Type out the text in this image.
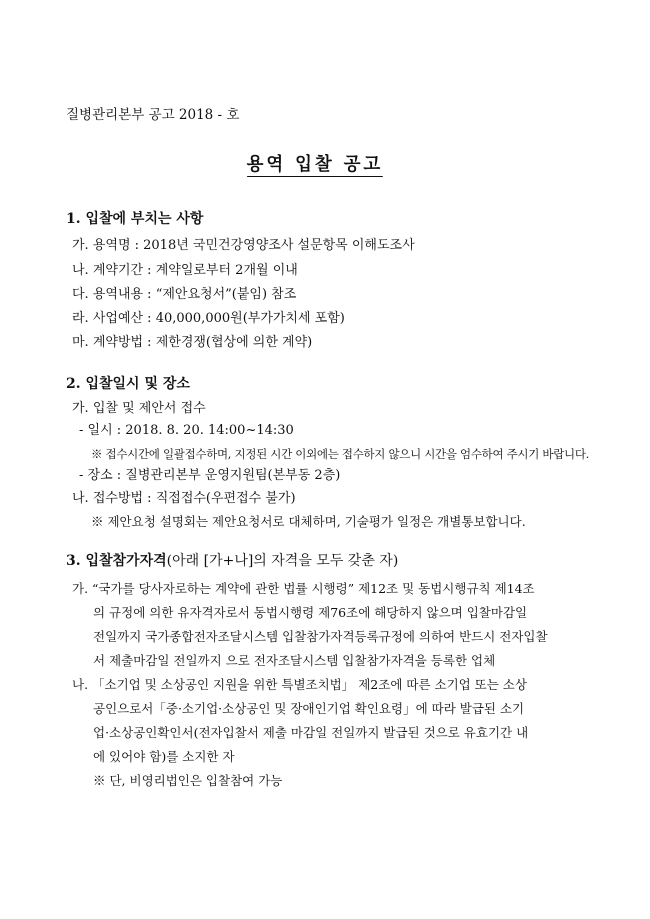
질병관리본부 공고 2018 - 호
용역 입찰 공고
1. 입찰에 부치는 사항
가. 용역명 : 2018년 국민건강영양조사 설문항목 이해도조사
나. 계약기간 : 계약일로부터 2개월 이내
다. 용역내용 : “제안요청서”(붙임) 참조
라. 사업예산 : 40,000,000원(부가가치세 포함)
마. 계약방법 : 제한경쟁(협상에 의한 계약)
2. 입찰일시 및 장소
가. 입찰 및 제안서 접수
- 일시 : 2018. 8. 20. 14:00~14:30
※ 접수시간에 일괄접수하며, 지정된 시간 이외에는 접수하지 않으니 시간을 엄수하여 주시기 바랍니다.
- 장소 : 질병관리본부 운영지원팀(본부동 2층)
나. 접수방법 : 직접접수(우편접수 불가)
※ 제안요청 설명회는 제안요청서로 대체하며, 기술평가 일정은 개별통보합니다.
3. 입찰참가자격(아래 [가+나]의 자격을 모두 갖춘 자)
가. “국가를 당사자로하는 계약에 관한 법률 시행령” 제12조 및 동법시행규칙 제14조
의 규정에 의한 유자격자로서 동법시행령 제76조에 해당하지 않으며 입찰마감일
전일까지 국가종합전자조달시스템 입찰참가자격등록규정에 의하여 반드시 전자입찰
서 제출마감일 전일까지 으로 전자조달시스템 입찰참가자격을 등록한 업체
나. 「소기업 및 소상공인 지원을 위한 특별조치법」 제2조에 따른 소기업 또는 소상
공인으로서「중·소기업·소상공인 및 장애인기업 확인요령」에 따라 발급된 소기
업·소상공인확인서(전자입찰서 제출 마감일 전일까지 발급된 것으로 유효기간 내
에 있어야 함)를 소지한 자
※ 단, 비영리법인은 입찰참여 가능
